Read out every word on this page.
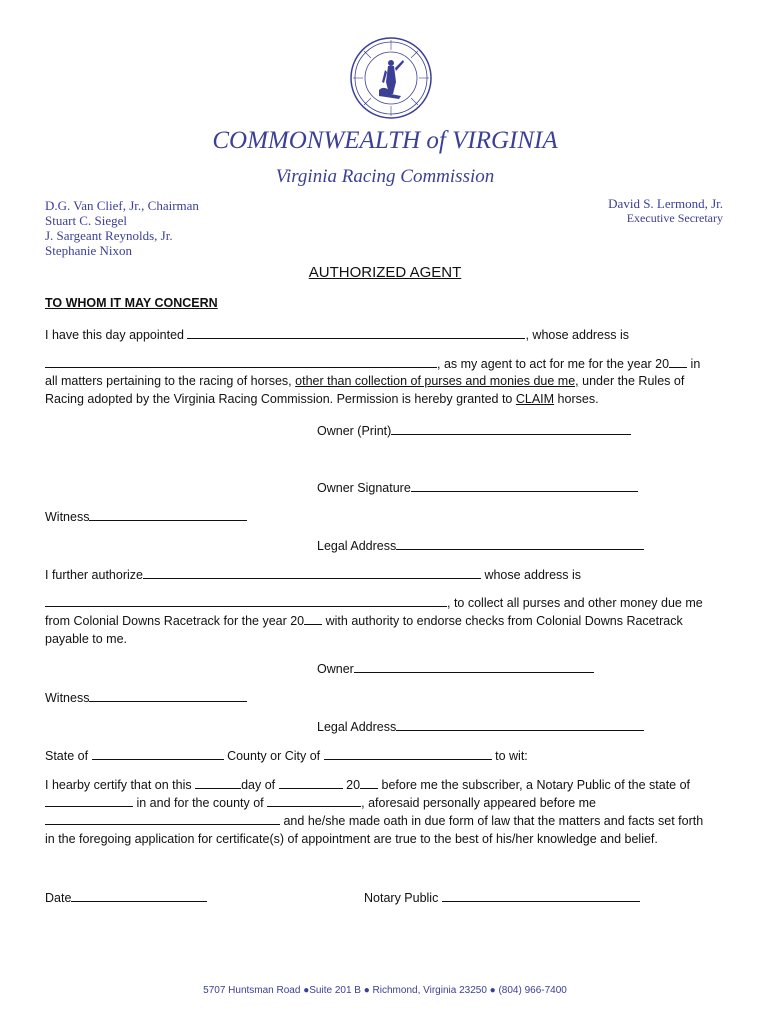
COMMONWEALTH of VIRGINIA
Virginia Racing Commission
D.G. Van Clief, Jr., Chairman
Stuart C. Siegel
J. Sargeant Reynolds, Jr.
Stephanie Nixon
David S. Lermond, Jr.
Executive Secretary
AUTHORIZED AGENT
TO WHOM IT MAY CONCERN
I have this day appointed	, whose address is
, as my agent to act for me for the year 20 in
all matters pertaining to the racing of horses, other than collection of purses and monies due me, under the Rules of
Racing adopted by the Virginia Racing Commission. Permission is hereby granted to CLAIM horses.
Owner (Print)
Owner Signature
Witness
Legal Address
I further authorize	whose address is
, to collect all purses and other money due me
from Colonial Downs Racetrack for the year 20 with authority to endorse checks from Colonial Downs Racetrack
payable to me.
Owner
Witness
Legal Address
State of	County or City of	to wit:
I hearby certify that on this	day of	20 before me the subscriber, a Notary Public of the state of
in and for the county of	, aforesaid personally appeared before me
and he/she made oath in due form of law that the matters and facts set forth
in the foregoing application for certificate(s) of appointment are true to the best of his/her knowledge and belief.
Date	Notary Public
5707 Huntsman Road ●Suite 201 B ● Richmond, Virginia 23250 ● (804) 966-7400
